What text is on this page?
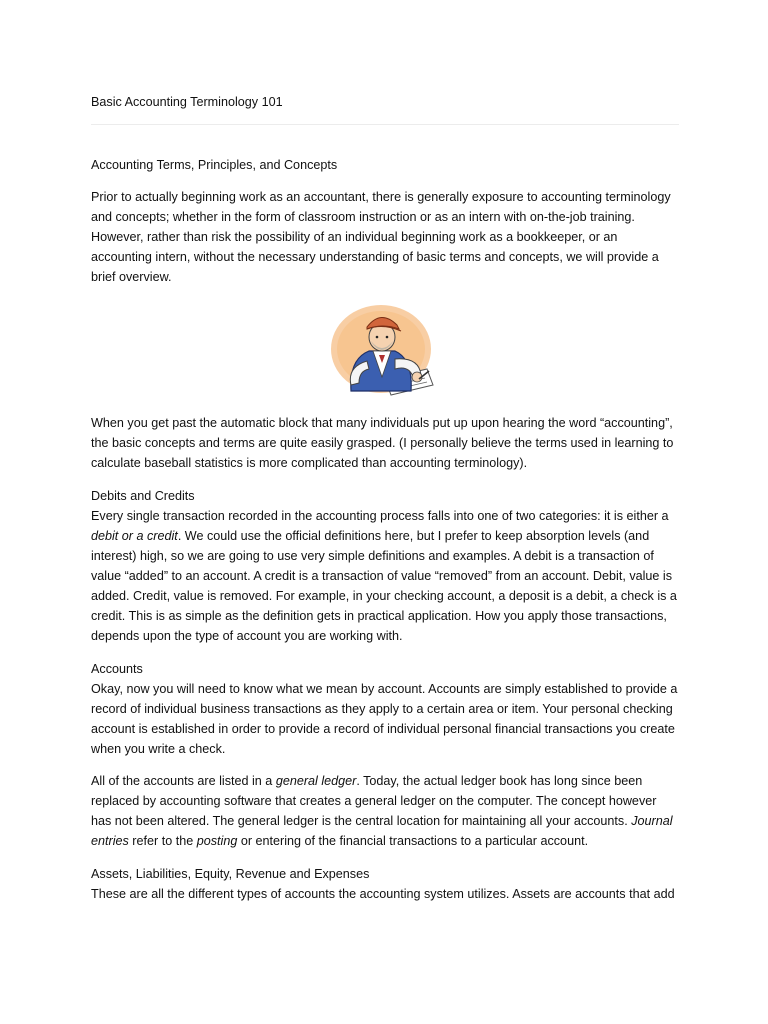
Basic Accounting Terminology 101
Accounting Terms, Principles, and Concepts

Prior to actually beginning work as an accountant, there is generally exposure to accounting terminology and concepts; whether in the form of classroom instruction or as an intern with on-the-job training. However, rather than risk the possibility of an individual beginning work as a bookkeeper, or an accounting intern, without the necessary understanding of basic terms and concepts, we will provide a brief overview.

When you get past the automatic block that many individuals put up upon hearing the word “accounting”, the basic concepts and terms are quite easily grasped. (I personally believe the terms used in learning to calculate baseball statistics is more complicated than accounting terminology).

Debits and Credits

Every single transaction recorded in the accounting process falls into one of two categories: it is either a debit or a credit. We could use the official definitions here, but I prefer to keep absorption levels (and interest) high, so we are going to use very simple definitions and examples. A debit is a transaction of value “added” to an account. A credit is a transaction of value “removed” from an account. Debit, value is added. Credit, value is removed. For example, in your checking account, a deposit is a debit, a check is a credit. This is as simple as the definition gets in practical application. How you apply those transactions, depends upon the type of account you are working with.

Accounts

Okay, now you will need to know what we mean by account. Accounts are simply established to provide a record of individual business transactions as they apply to a certain area or item. Your personal checking account is established in order to provide a record of individual personal financial transactions you create when you write a check.

All of the accounts are listed in a general ledger. Today, the actual ledger book has long since been replaced by accounting software that creates a general ledger on the computer. The concept however has not been altered. The general ledger is the central location for maintaining all your accounts. Journal entries refer to the posting or entering of the financial transactions to a particular account.

Assets, Liabilities, Equity, Revenue and Expenses

These are all the different types of accounts the accounting system utilizes. Assets are accounts that add
